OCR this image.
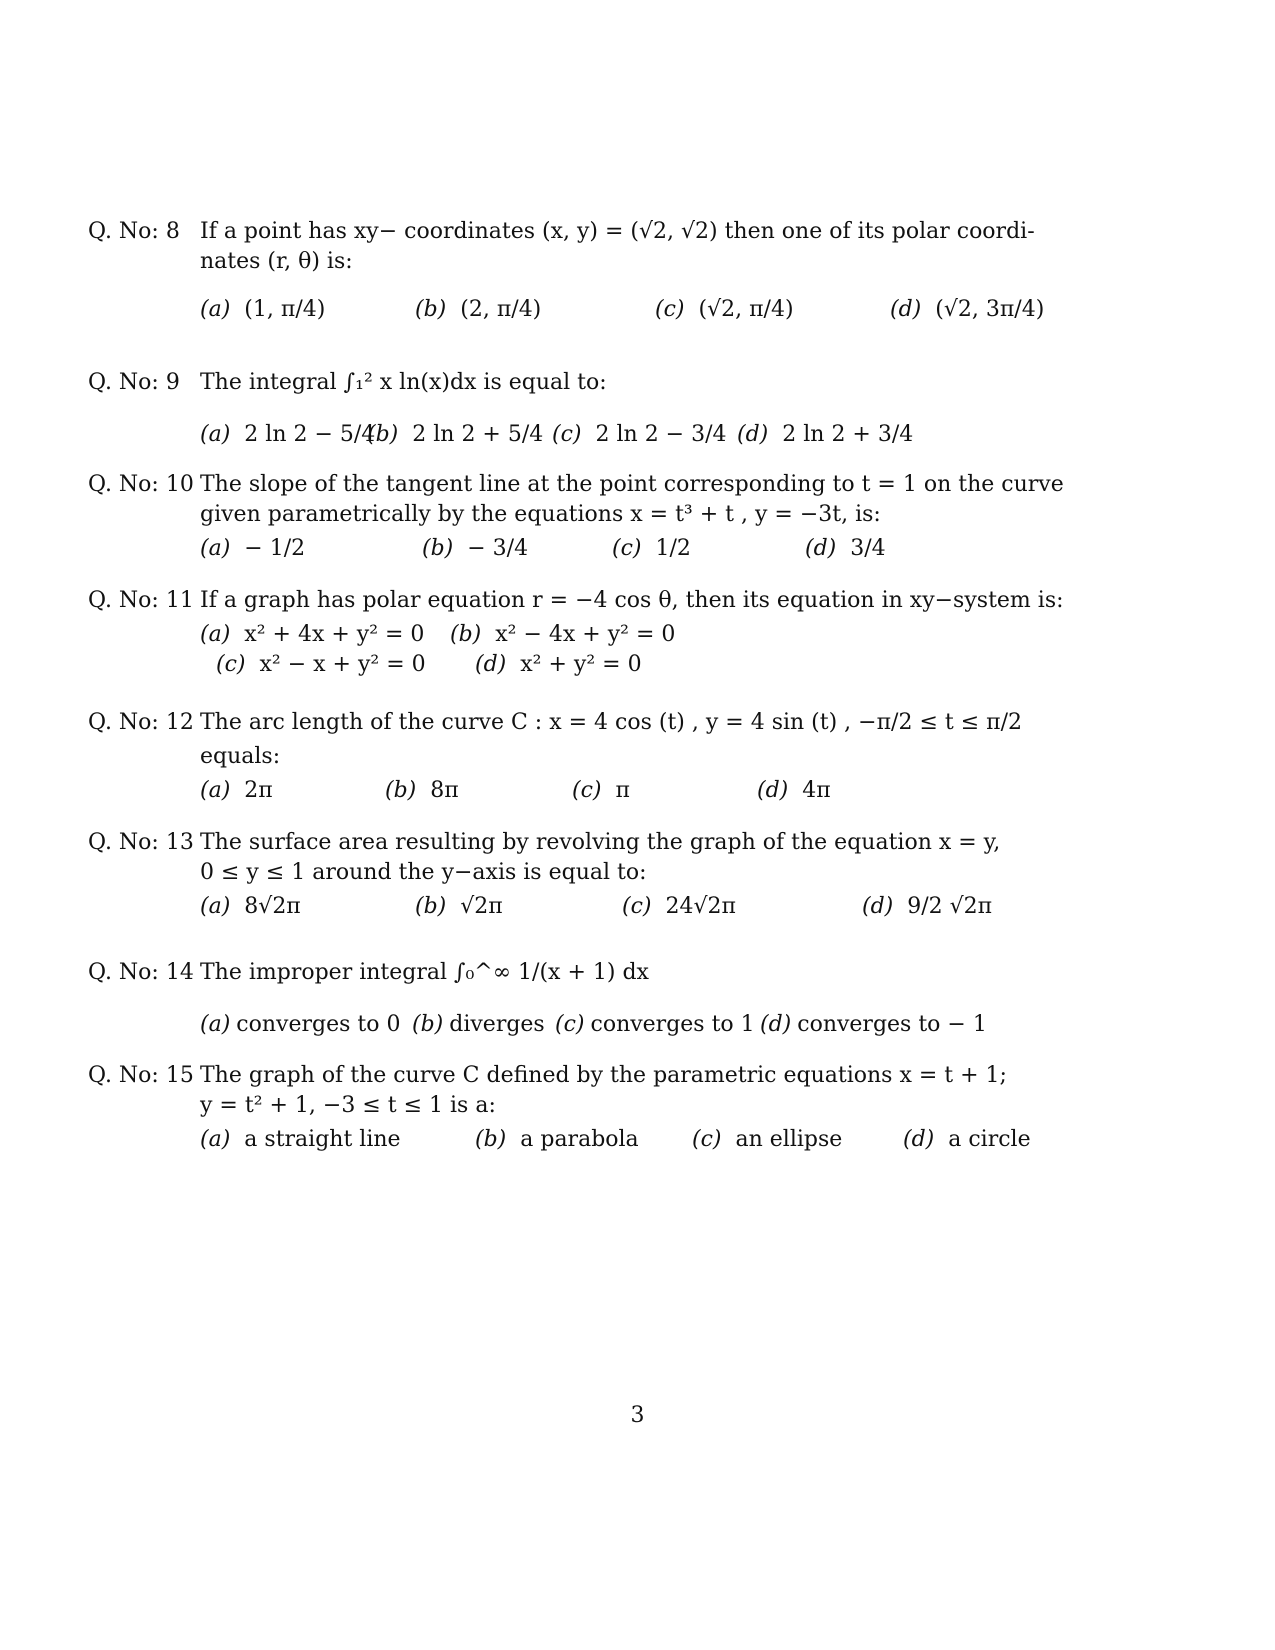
Q. No: 8 If a point has xy− coordinates (x, y) = (√2, √2) then one of its polar coordi-
nates (r, θ) is:
(a) (1, π/4)	(b) (2, π/4)	(c) (√2, π/4)	(d) (√2, 3π/4)
Q. No: 9 The integral ∫₁² x ln(x)dx is equal to:
(a) 2 ln 2 − 5/4
(b) 2 ln 2 + 5/4 (c) 2 ln 2 − 3/4 (d) 2 ln 2 + 3/4
Q. No: 10 The slope of the tangent line at the point corresponding to t = 1 on the curve
given parametrically by the equations x = t³ + t , y = −3t, is:
(a) − 1/2	(b) − 3/4	(c) 1/2	(d) 3/4
Q. No: 11 If a graph has polar equation r = −4 cos θ, then its equation in xy−system is:
(a) x² + 4x + y² = 0 (b) x² − 4x + y² = 0
(c) x² − x + y² = 0 (d) x² + y² = 0
Q. No: 12 The arc length of the curve C : x = 4 cos (t) , y = 4 sin (t) , −π/2 ≤ t ≤ π/2
equals:
(a) 2π	(b) 8π	(c) π	(d) 4π
Q. No: 13 The surface area resulting by revolving the graph of the equation x = y,
0 ≤ y ≤ 1 around the y−axis is equal to:
(a) 8√2π	(b) √2π	(c) 24√2π	(d) 9/2 √2π
Q. No: 14 The improper integral ∫₀^∞ 1/(x + 1) dx
(a) converges to 0 (b) diverges (c) converges to 1 (d) converges to − 1
Q. No: 15 The graph of the curve C defined by the parametric equations x = t + 1;
y = t² + 1, −3 ≤ t ≤ 1 is a:
(a) a straight line	(b) a parabola (c) an ellipse	(d) a circle
3
